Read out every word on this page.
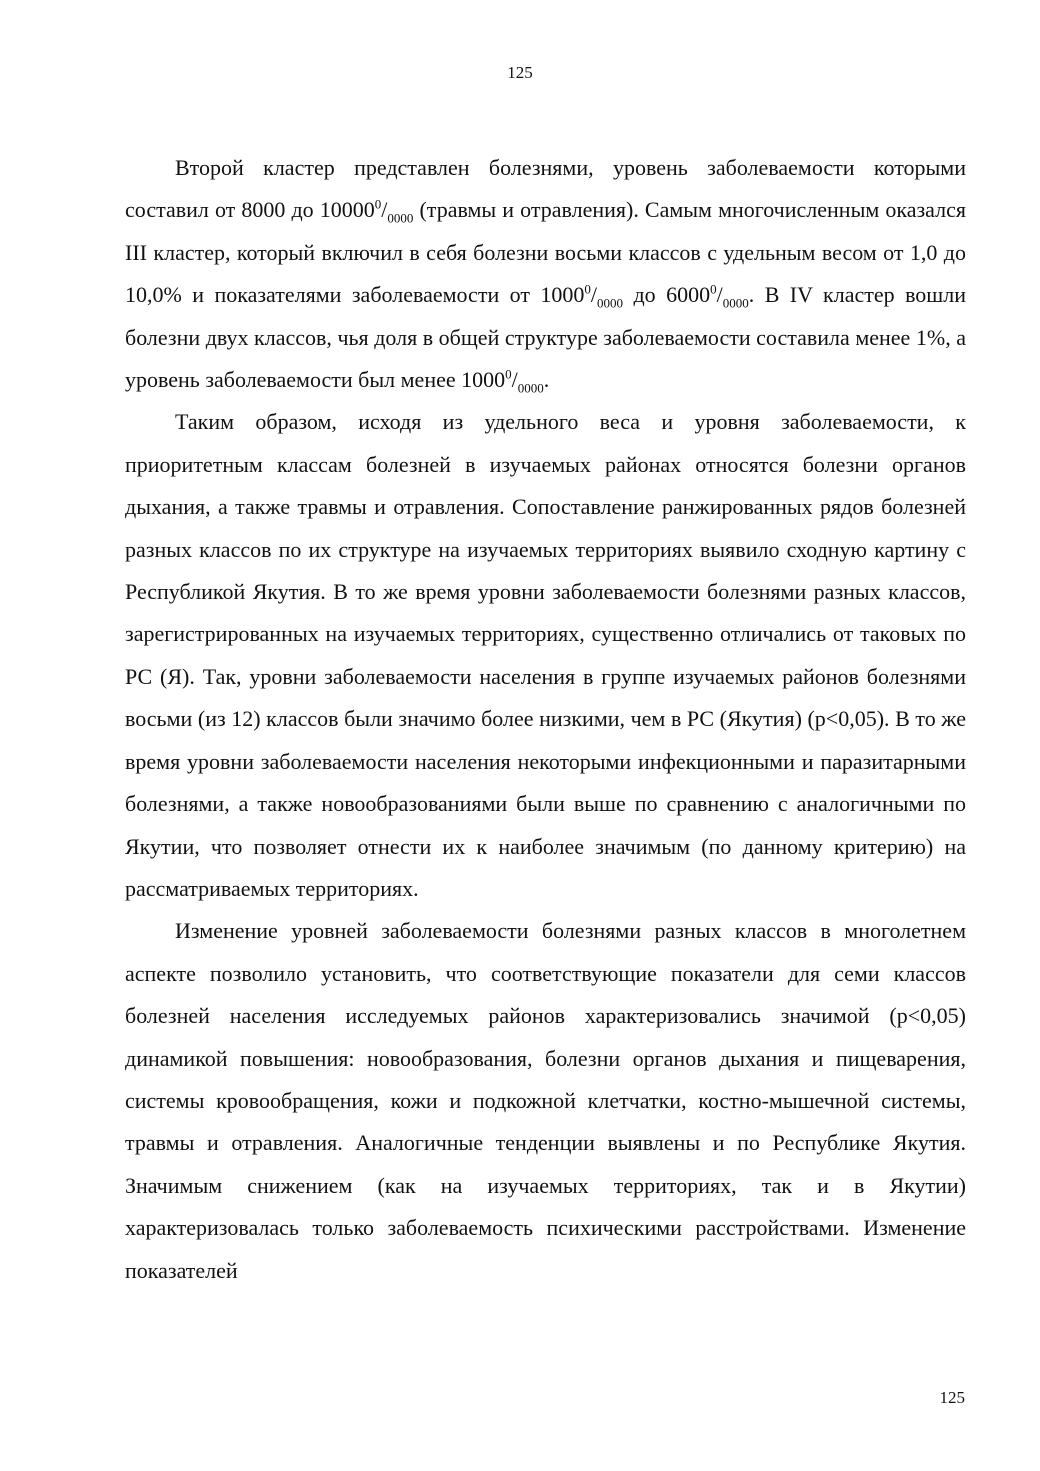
125

Второй кластер представлен болезнями, уровень заболеваемости которыми составил от 8000 до $10000^0/_{0000}$ (травмы и отравления). Самым многочисленным оказался III кластер, который включил в себя болезни восьми классов с удельным весом от 1,0 до 10,0% и показателями заболеваемости от $1000^0/_{0000}$ до $6000^0/_{0000}$. В IV кластер вошли болезни двух классов, чья доля в общей структуре заболеваемости составила менее 1%, а уровень заболеваемости был менее $1000^0/_{0000}$.

Таким образом, исходя из удельного веса и уровня заболеваемости, к приоритетным классам болезней в изучаемых районах относятся болезни органов дыхания, а также травмы и отравления. Сопоставление ранжированных рядов болезней разных классов по их структуре на изучаемых территориях выявило сходную картину с Республикой Якутия. В то же время уровни заболеваемости болезнями разных классов, зарегистрированных на изучаемых территориях, существенно отличались от таковых по РС (Я). Так, уровни заболеваемости населения в группе изучаемых районов болезнями восьми (из 12) классов были значимо более низкими, чем в РС (Якутия) (p<0,05). В то же время уровни заболеваемости населения некоторыми инфекционными и паразитарными болезнями, а также новообразованиями были выше по сравнению с аналогичными по Якутии, что позволяет отнести их к наиболее значимым (по данному критерию) на рассматриваемых территориях.

Изменение уровней заболеваемости болезнями разных классов в многолетнем аспекте позволило установить, что соответствующие показатели для семи классов болезней населения исследуемых районов характеризовались значимой (p<0,05) динамикой повышения: новообразования, болезни органов дыхания и пищеварения, системы кровообращения, кожи и подкожной клетчатки, костно-мышечной системы, травмы и отравления. Аналогичные тенденции выявлены и по Республике Якутия. Значимым снижением (как на изучаемых территориях, так и в Якутии) характеризовалась только заболеваемость психическими расстройствами. Изменение показателей

125
